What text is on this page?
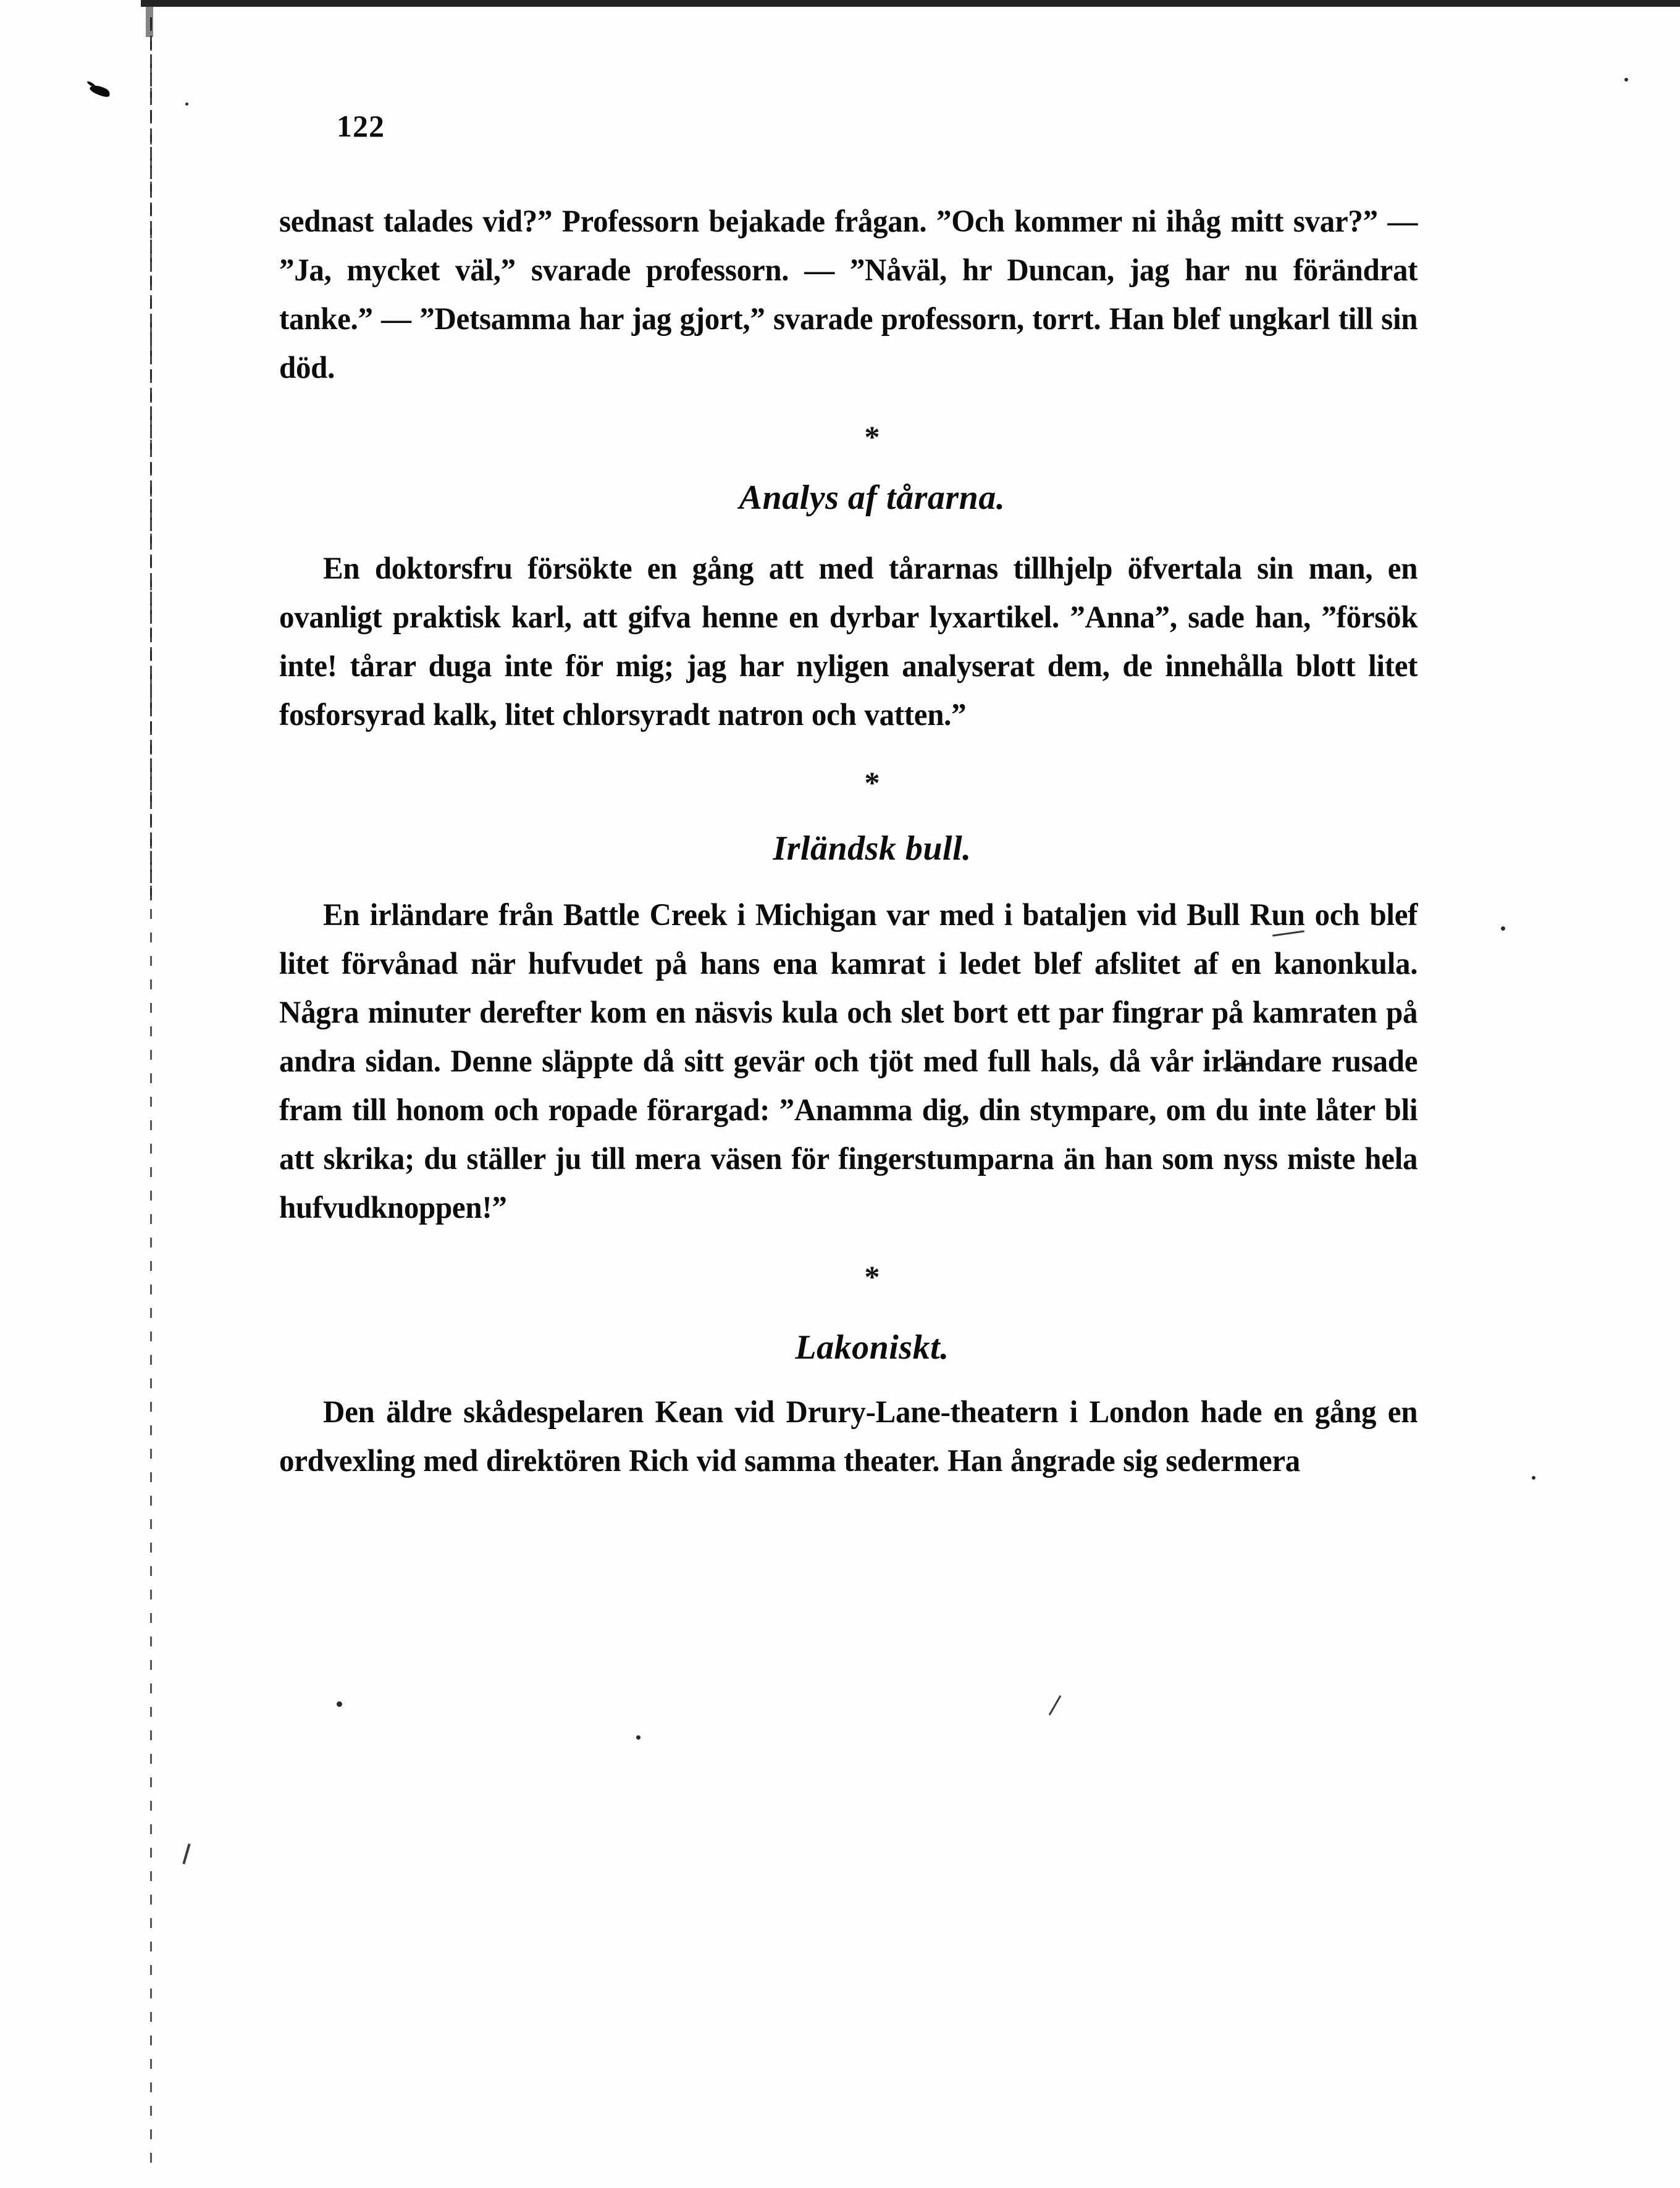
122

sednast talades vid?” Professorn bejakade frågan. ”Och kommer ni ihåg mitt svar?” — ”Ja, mycket väl,” svarade professorn. — ”Nåväl, hr Duncan, jag har nu förändrat tanke.” — ”Detsamma har jag gjort,” svarade professorn, torrt. Han blef ungkarl till sin död.

*
Analys af tårarna.

En doktorsfru försökte en gång att med tårarnas tillhjelp öfvertala sin man, en ovanligt praktisk karl, att gifva henne en dyrbar lyxartikel. ”Anna”, sade han, ”försök inte! tårar duga inte för mig; jag har nyligen analyserat dem, de innehålla blott litet fosforsyrad kalk, litet chlorsyradt natron och vatten.”

*
Irländsk bull.

En irländare från Battle Creek i Michigan var med i bataljen vid Bull Run och blef litet förvånad när hufvudet på hans ena kamrat i ledet blef afslitet af en kanonkula. Några minuter derefter kom en näsvis kula och slet bort ett par fingrar på kamraten på andra sidan. Denne släppte då sitt gevär och tjöt med full hals, då vår irländare rusade fram till honom och ropade förargad: ”Anamma dig, din stympare, om du inte låter bli att skrika; du ställer ju till mera väsen för fingerstumparna än han som nyss miste hela hufvudknoppen!”

*
Lakoniskt.

Den äldre skådespelaren Kean vid Drury-Lane-theatern i London hade en gång en ordvexling med direktören Rich vid samma theater. Han ångrade sig sedermera
